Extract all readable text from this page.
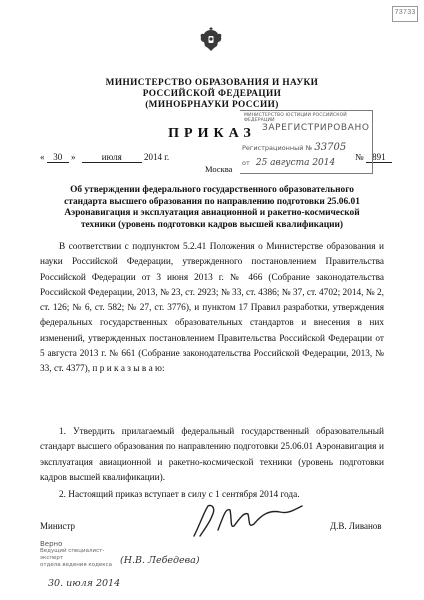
73733
МИНИСТЕРСТВО ОБРАЗОВАНИЯ И НАУКИ
РОССИЙСКОЙ ФЕДЕРАЦИИ
(МИНОБРНАУКИ РОССИИ)
ПРИКАЗ
« 30 »	июля 2014 г.	№ 891
Москва
МИНИСТЕРСТВО ЮСТИЦИИ РОССИЙСКОЙ ФЕДЕРАЦИИ
ЗАРЕГИСТРИРОВАНО
Регистрационный № 33705
от 25 августа 2014
Об утверждении федерального государственного образовательного стандарта высшего образования по направлению подготовки 25.06.01 Аэронавигация и эксплуатация авиационной и ракетно-космической техники (уровень подготовки кадров высшей квалификации)
В соответствии с подпунктом 5.2.41 Положения о Министерстве образования и науки Российской Федерации, утвержденного постановлением Правительства Российской Федерации от 3 июня 2013 г. № 466 (Собрание законодательства Российской Федерации, 2013, № 23, ст. 2923; № 33, ст. 4386; № 37, ст. 4702; 2014, № 2, ст. 126; № 6, ст. 582; № 27, ст. 3776), и пунктом 17 Правил разработки, утверждения федеральных государственных образовательных стандартов и внесения в них изменений, утвержденных постановлением Правительства Российской Федерации от 5 августа 2013 г. № 661 (Собрание законодательства Российской Федерации, 2013, № 33, ст. 4377), п р и к а з ы в а ю:
1. Утвердить прилагаемый федеральный государственный образовательный стандарт высшего образования по направлению подготовки 25.06.01 Аэронавигация и эксплуатация авиационной и ракетно-космической техники (уровень подготовки кадров высшей квалификации).
2. Настоящий приказ вступает в силу с 1 сентября 2014 года.
Министр	Д.В. Ливанов
Верно
Ведущий специалист-эксперт
отдела ведения кодекса (Н.В. Лебедева)
30. июля 2014
